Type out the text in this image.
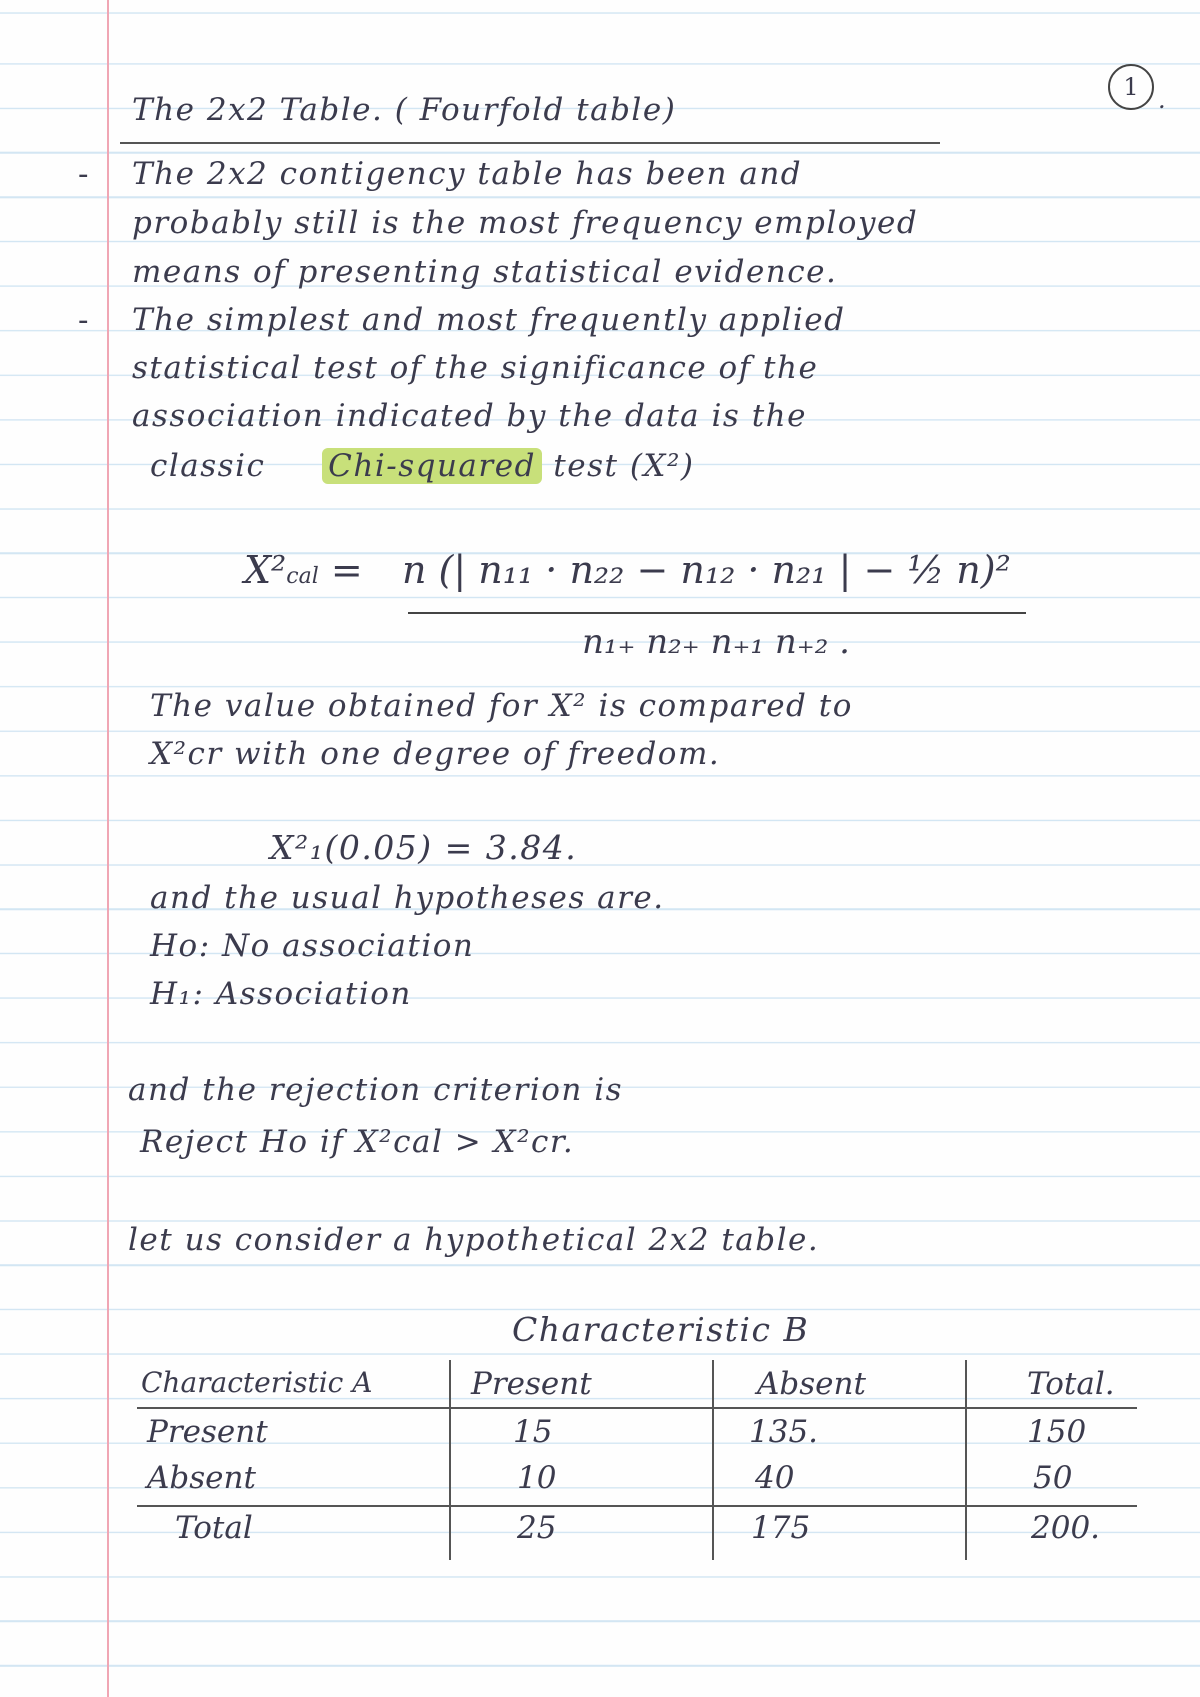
1 .
The 2x2 Table. ( Fourfold table)
- The 2x2 contigency table has been and
probably still is the most frequency employed
means of presenting statistical evidence.
- The simplest and most frequently applied
statistical test of the significance of the
association indicated by the data is the
classic Chi-squared test (X²)
X²cal = n (| n₁₁ · n₂₂ − n₁₂ · n₂₁ | − ½ n)²
n₁₊ n₂₊ n₊₁ n₊₂ .
The value obtained for X² is compared to
X²cr with one degree of freedom.
X²₁(0.05) = 3.84.
and the usual hypotheses are.
Ho: No association
H₁: Association
and the rejection criterion is
Reject Ho if X²cal > X²cr.
let us consider a hypothetical 2x2 table.
Characteristic B
Characteristic A	Present	Absent	Total.
Present	15	135.	150
Absent	10	40	50
Total	25	175	200.
